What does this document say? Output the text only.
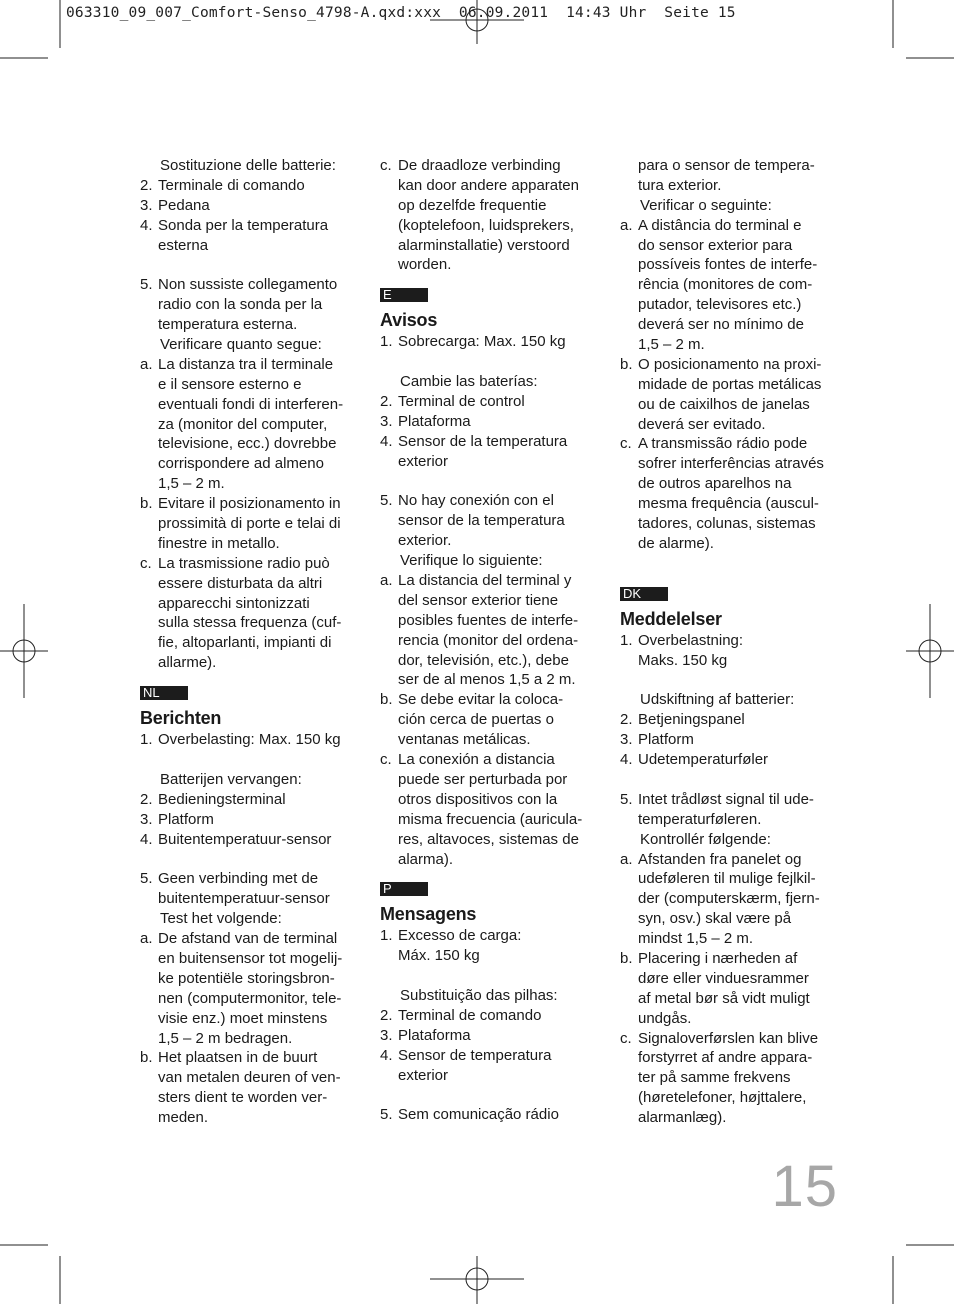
063310_09_007_Comfort-Senso_4798-A.qxd:xxx  06.09.2011  14:43 Uhr  Seite 15
Sostituzione delle batterie:
2. Terminale di comando
3. Pedana
4. Sonda per la temperatura
esterna
5. Non sussiste collegamento
radio con la sonda per la
temperatura esterna.
Verificare quanto segue:
a. La distanza tra il terminale
e il sensore esterno e
eventuali fondi di interferen-
za (monitor del computer,
televisione, ecc.) dovrebbe
corrispondere ad almeno
1,5 – 2 m.
b. Evitare il posizionamento in
prossimità di porte e telai di
finestre in metallo.
c. La trasmissione radio può
essere disturbata da altri
apparecchi sintonizzati
sulla stessa frequenza (cuf-
fie, altoparlanti, impianti di
allarme).
NL
Berichten
1. Overbelasting: Max. 150 kg
Batterijen vervangen:
2. Bedieningsterminal
3. Platform
4. Buitentemperatuur-sensor
5. Geen verbinding met de
buitentemperatuur-sensor
Test het volgende:
a. De afstand van de terminal
en buitensensor tot mogelij-
ke potentiële storingsbron-
nen (computermonitor, tele-
visie enz.) moet minstens
1,5 – 2 m bedragen.
b. Het plaatsen in de buurt
van metalen deuren of ven-
sters dient te worden ver-
meden.
c. De draadloze verbinding
kan door andere apparaten
op dezelfde frequentie
(koptelefoon, luidsprekers,
alarminstallatie) verstoord
worden.
E
Avisos
1. Sobrecarga: Max. 150 kg
Cambie las baterías:
2. Terminal de control
3. Plataforma
4. Sensor de la temperatura
exterior
5. No hay conexión con el
sensor de la temperatura
exterior.
Verifique lo siguiente:
a. La distancia del terminal y
del sensor exterior tiene
posibles fuentes de interfe-
rencia (monitor del ordena-
dor, televisión, etc.), debe
ser de al menos 1,5 a 2 m.
b. Se debe evitar la coloca-
ción cerca de puertas o
ventanas metálicas.
c. La conexión a distancia
puede ser perturbada por
otros dispositivos con la
misma frecuencia (auricula-
res, altavoces, sistemas de
alarma).
P
Mensagens
1. Excesso de carga:
Máx. 150 kg
Substituição das pilhas:
2. Terminal de comando
3. Plataforma
4. Sensor de temperatura
exterior
5. Sem comunicação rádio
para o sensor de tempera-
tura exterior.
Verificar o seguinte:
a. A distância do terminal e
do sensor exterior para
possíveis fontes de interfe-
rência (monitores de com-
putador, televisores etc.)
deverá ser no mínimo de
1,5 – 2 m.
b. O posicionamento na proxi-
midade de portas metálicas
ou de caixilhos de janelas
deverá ser evitado.
c. A transmissão rádio pode
sofrer interferências através
de outros aparelhos na
mesma frequência (auscul-
tadores, colunas, sistemas
de alarme).
DK
Meddelelser
1. Overbelastning:
Maks. 150 kg
Udskiftning af batterier:
2. Betjeningspanel
3. Platform
4. Udetemperaturføler
5. Intet trådløst signal til ude-
temperaturføleren.
Kontrollér følgende:
a. Afstanden fra panelet og
udeføleren til mulige fejlkil-
der (computerskærm, fjern-
syn, osv.) skal være på
mindst 1,5 – 2 m.
b. Placering i nærheden af
døre eller vinduesrammer
af metal bør så vidt muligt
undgås.
c. Signaloverførslen kan blive
forstyrret af andre appara-
ter på samme frekvens
(høretelefoner, højttalere,
alarmanlæg).
15
